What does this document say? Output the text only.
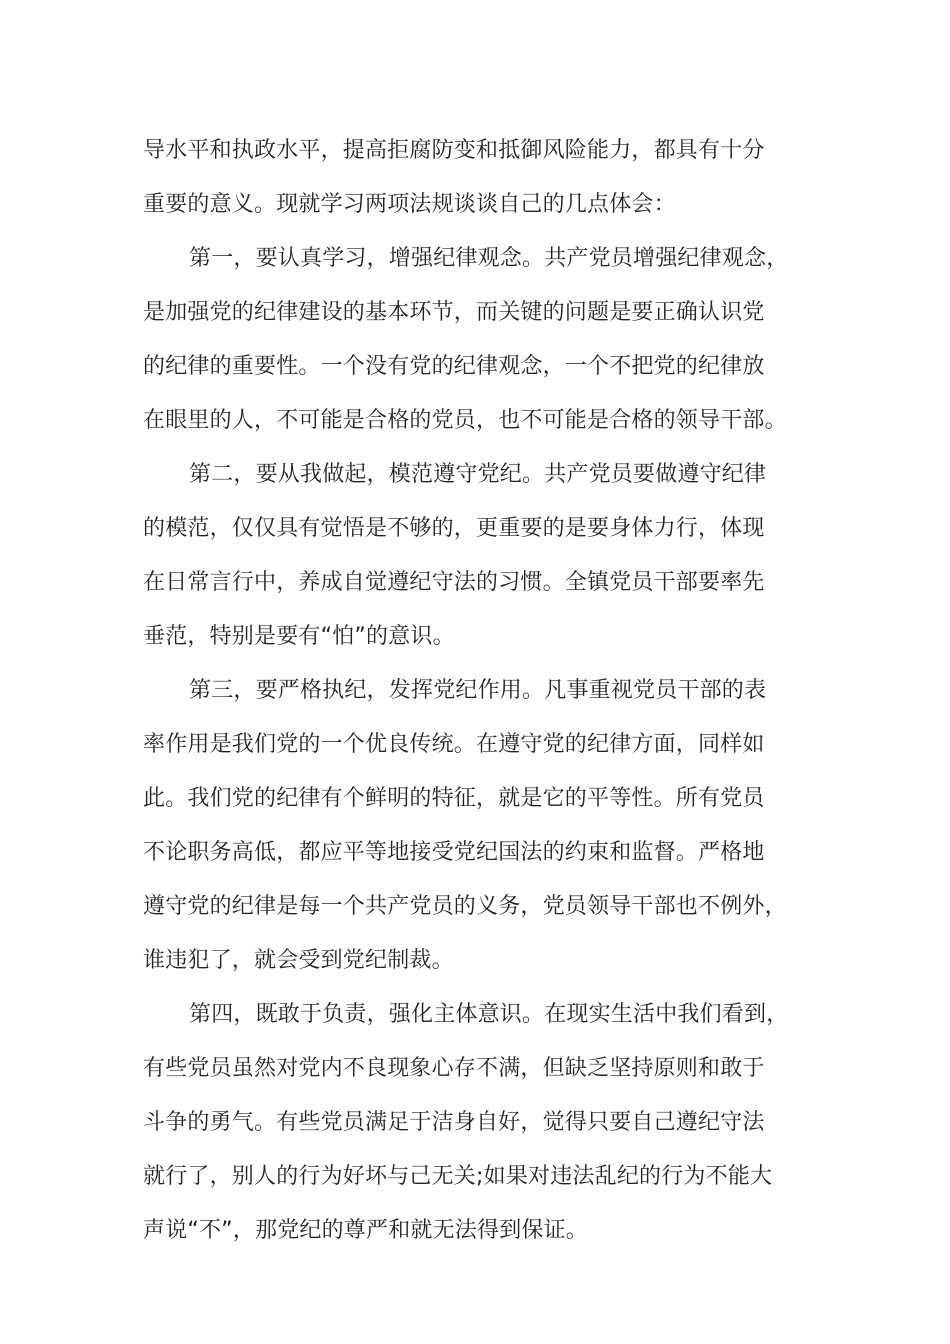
导水平和执政水平，提高拒腐防变和抵御风险能力，都具有十分
重要的意义。现就学习两项法规谈谈自己的几点体会：
第一，要认真学习，增强纪律观念。共产党员增强纪律观念，
是加强党的纪律建设的基本环节，而关键的问题是要正确认识党
的纪律的重要性。一个没有党的纪律观念，一个不把党的纪律放
在眼里的人，不可能是合格的党员，也不可能是合格的领导干部。
第二，要从我做起，模范遵守党纪。共产党员要做遵守纪律
的模范，仅仅具有觉悟是不够的，更重要的是要身体力行，体现
在日常言行中，养成自觉遵纪守法的习惯。全镇党员干部要率先
垂范，特别是要有“怕”的意识。
第三，要严格执纪，发挥党纪作用。凡事重视党员干部的表
率作用是我们党的一个优良传统。在遵守党的纪律方面，同样如
此。我们党的纪律有个鲜明的特征，就是它的平等性。所有党员
不论职务高低，都应平等地接受党纪国法的约束和监督。严格地
遵守党的纪律是每一个共产党员的义务，党员领导干部也不例外，
谁违犯了，就会受到党纪制裁。
第四，既敢于负责，强化主体意识。在现实生活中我们看到，
有些党员虽然对党内不良现象心存不满，但缺乏坚持原则和敢于
斗争的勇气。有些党员满足于洁身自好，觉得只要自己遵纪守法
就行了，别人的行为好坏与己无关;如果对违法乱纪的行为不能大
声说“不”，那党纪的尊严和就无法得到保证。
